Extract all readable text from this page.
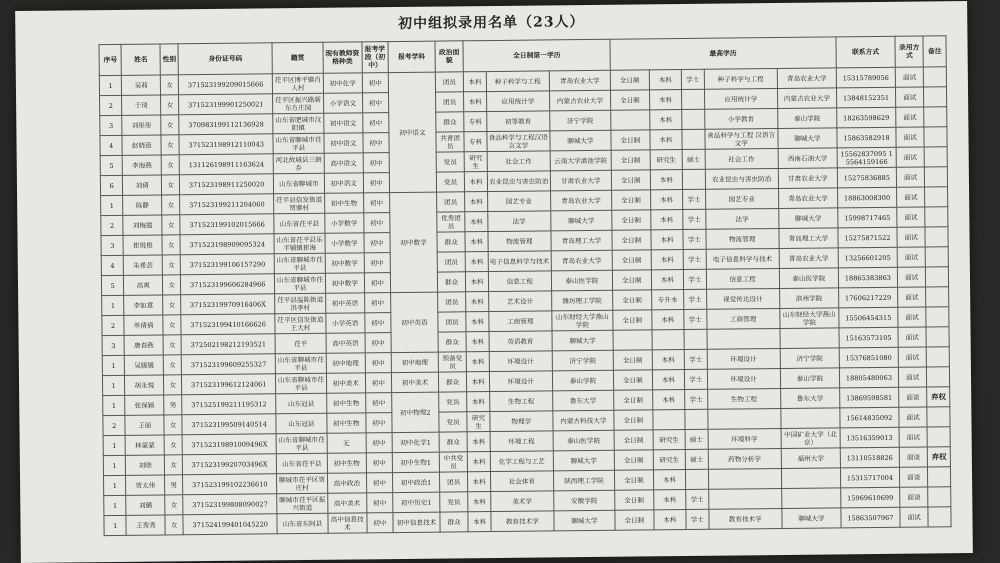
初中组拟录用名单（23人）
序号	姓名	性别	身份证号码	籍贯	现有教师资格种类	报考学段（初中）	报考学科	政治面貌	全日制第一学历			最高学历					联系方式	录用方式	备注
1	吴莉	女	371523199209015666	茌平区博平镇肖人村	初中化学	初中	初中语文	团员	本科	种子科学与工程	青岛农业大学	全日制	本科	学士	种子科学与工程	青岛农业大学	15315789056	面试	
2	于琦	女	371523199901250021	茌平区振兴路新东方庄园	小学语文	初中		团员	本科	应用统计学	内蒙古农业大学	全日制	本科		应用统计学	内蒙古农业大学	13848152351	面试	
3	刘彤彤	女	370983199112136928	山东省肥城市汶阳镇	初中语文	初中		群众	专科	初等教育	济宁学院		本科		小学教育	泰山学院	18263598629	面试	
4	赵晓蓓	女	371523198912110043	山东省聊城市茌平县	初中语文	初中		共青团员	专科	食品科学与工程汉语言文学	聊城大学	全日制	本科		食品科学与工程 汉语言文学	聊城大学	15863582918	面试	
5	李海燕	女	131126198911163624	河北故城县三朗乡	高中语文	初中		党员	研究生	社会工作	云南大学滇池学院	全日制	研究生	硕士	社会工作	西南石油大学	15562837095 15564159166	面试	
6	刘倩	女	371523198911250020	山东省聊城市	初中语文	初中		党员	本科	农业昆虫与害虫防治	甘肃农业大学	全日制	本科		农业昆虫与害虫防治	甘肃农业大学	15275836885	面试	
1	陈静	女	371523199211204060	茌平县信发街道贾寨村	初中生物	初中	初中数学	团员	本科	园艺专业	青岛农业大学	全日制	本科	学士	园艺专业	青岛农业大学	18863008300	面试	
2	刘梅霞	女	371523199102015666	山东省茌平县	小学数学	初中		优秀团员	本科	法学	聊城大学	全日制	本科	学士	法学	聊城大学	15998717465	面试	
3	崔悦俊	女	371523198909095324	山东省茌平县乐平铺镇崔海	小学数学	初中		群众	本科	物流管理	青岛理工大学	全日制	本科	学士	物流管理	青岛理工大学	15275871522	面试	
4	朱希芸	女	371523199106157290	山东省聊城市茌平县	初中数学	初中		团员	本科	电子信息科学与技术	青岛农业大学	全日制	本科	学士	电子信息科学与技术	青岛农业大学	13256601205	面试	
5	高爽	女	371523199606284966	山东省聊城市茌平县	初中数学	初中		群众	本科	信息工程	泰山医学院	全日制	本科	学士	信息工程	泰山医学院	18865383863	面试	
1	李如意	女	37152319970916406X	茌平县温陈街道洪李村	初中英语	初中	初中英语	团员	本科	艺术设计	潍坊理工学院	全日制	专升本	学士	视觉传达设计	滨州学院	17606217229	面试	
2	单倩倩	女	371523199410166626	茌平区信发街道王大村	小学英语	初中		团员	本科	工商管理	山东财经大学燕山学院	全日制	本科	学士	工商管理	山东财经大学燕山学院	15506454315	面试	
3	唐春燕	女	372502198212193521	茌平	高中英语	初中		群众	本科	英语教育	聊城大学						15163573105	面试	
1	吴媛媛	女	371523199609255327	山东省聊城市茌平县	初中地理	初中	初中地理	预备党员	本科	环境设计	济宁学院	全日制	本科	学士	环境设计	济宁学院	15376851080	面试	
1	胡永悦	女	371523199612124061	山东省聊城市茌平县	初中美术	初中	初中美术	群众	本科	环境设计	泰山学院	全日制	本科	学士	环境设计	泰山学院	18805480063	面试	
1	张保颖	男	371525199211195312	山东冠县	初中生物	初中	初中物理2	党员	本科	生物工程	鲁东大学	全日制	本科	学士	生物工程	鲁东大学	13869598581	面谈	弃权
2	王丽	女	371523199509140514	山东冠县	初中生物	初中		党员	研究生	物理学	内蒙古科技大学	全日制					15614835092	面试	
1	林蒙蒙	女	37152319891009496X	山东省聊城市茌平县	无	初中	初中化学1	群众	本科	环境工程	泰山医学院	全日制	研究生	硕士	环境科学	中国矿业大学（北京）	13516359013	面试	
1	刘晓	女	37152319920703496X	山东省茌平县	初中生物	初中	初中生物1	中共党员	本科	化学工程与工艺	聊城大学	全日制	研究生	硕士	药物分析学	福州大学	13110518826	面谈	弃权
1	贾太伟	男	371523199102236610	聊城市茌平区贾庄村	高中政治	初中	初中政治1	团员	本科	社会体育	陕西理工学院	全日制	本科				15315717004	面谈	
1	刘璐	女	371523199808090027	聊城市茌平区振兴街道	高中美术	初中	初中历史1	党员	本科	美术学	安徽学院	全日制	本科	学士			15969610699	面谈	
1	王秀秀	女	371524199401045220	山东省东阿县	高中信息技术	初中	初中信息技术	群众	本科	教育技术学	聊城大学	全日制	本科	学士	教育技术学	聊城大学	15863507967	面试	
